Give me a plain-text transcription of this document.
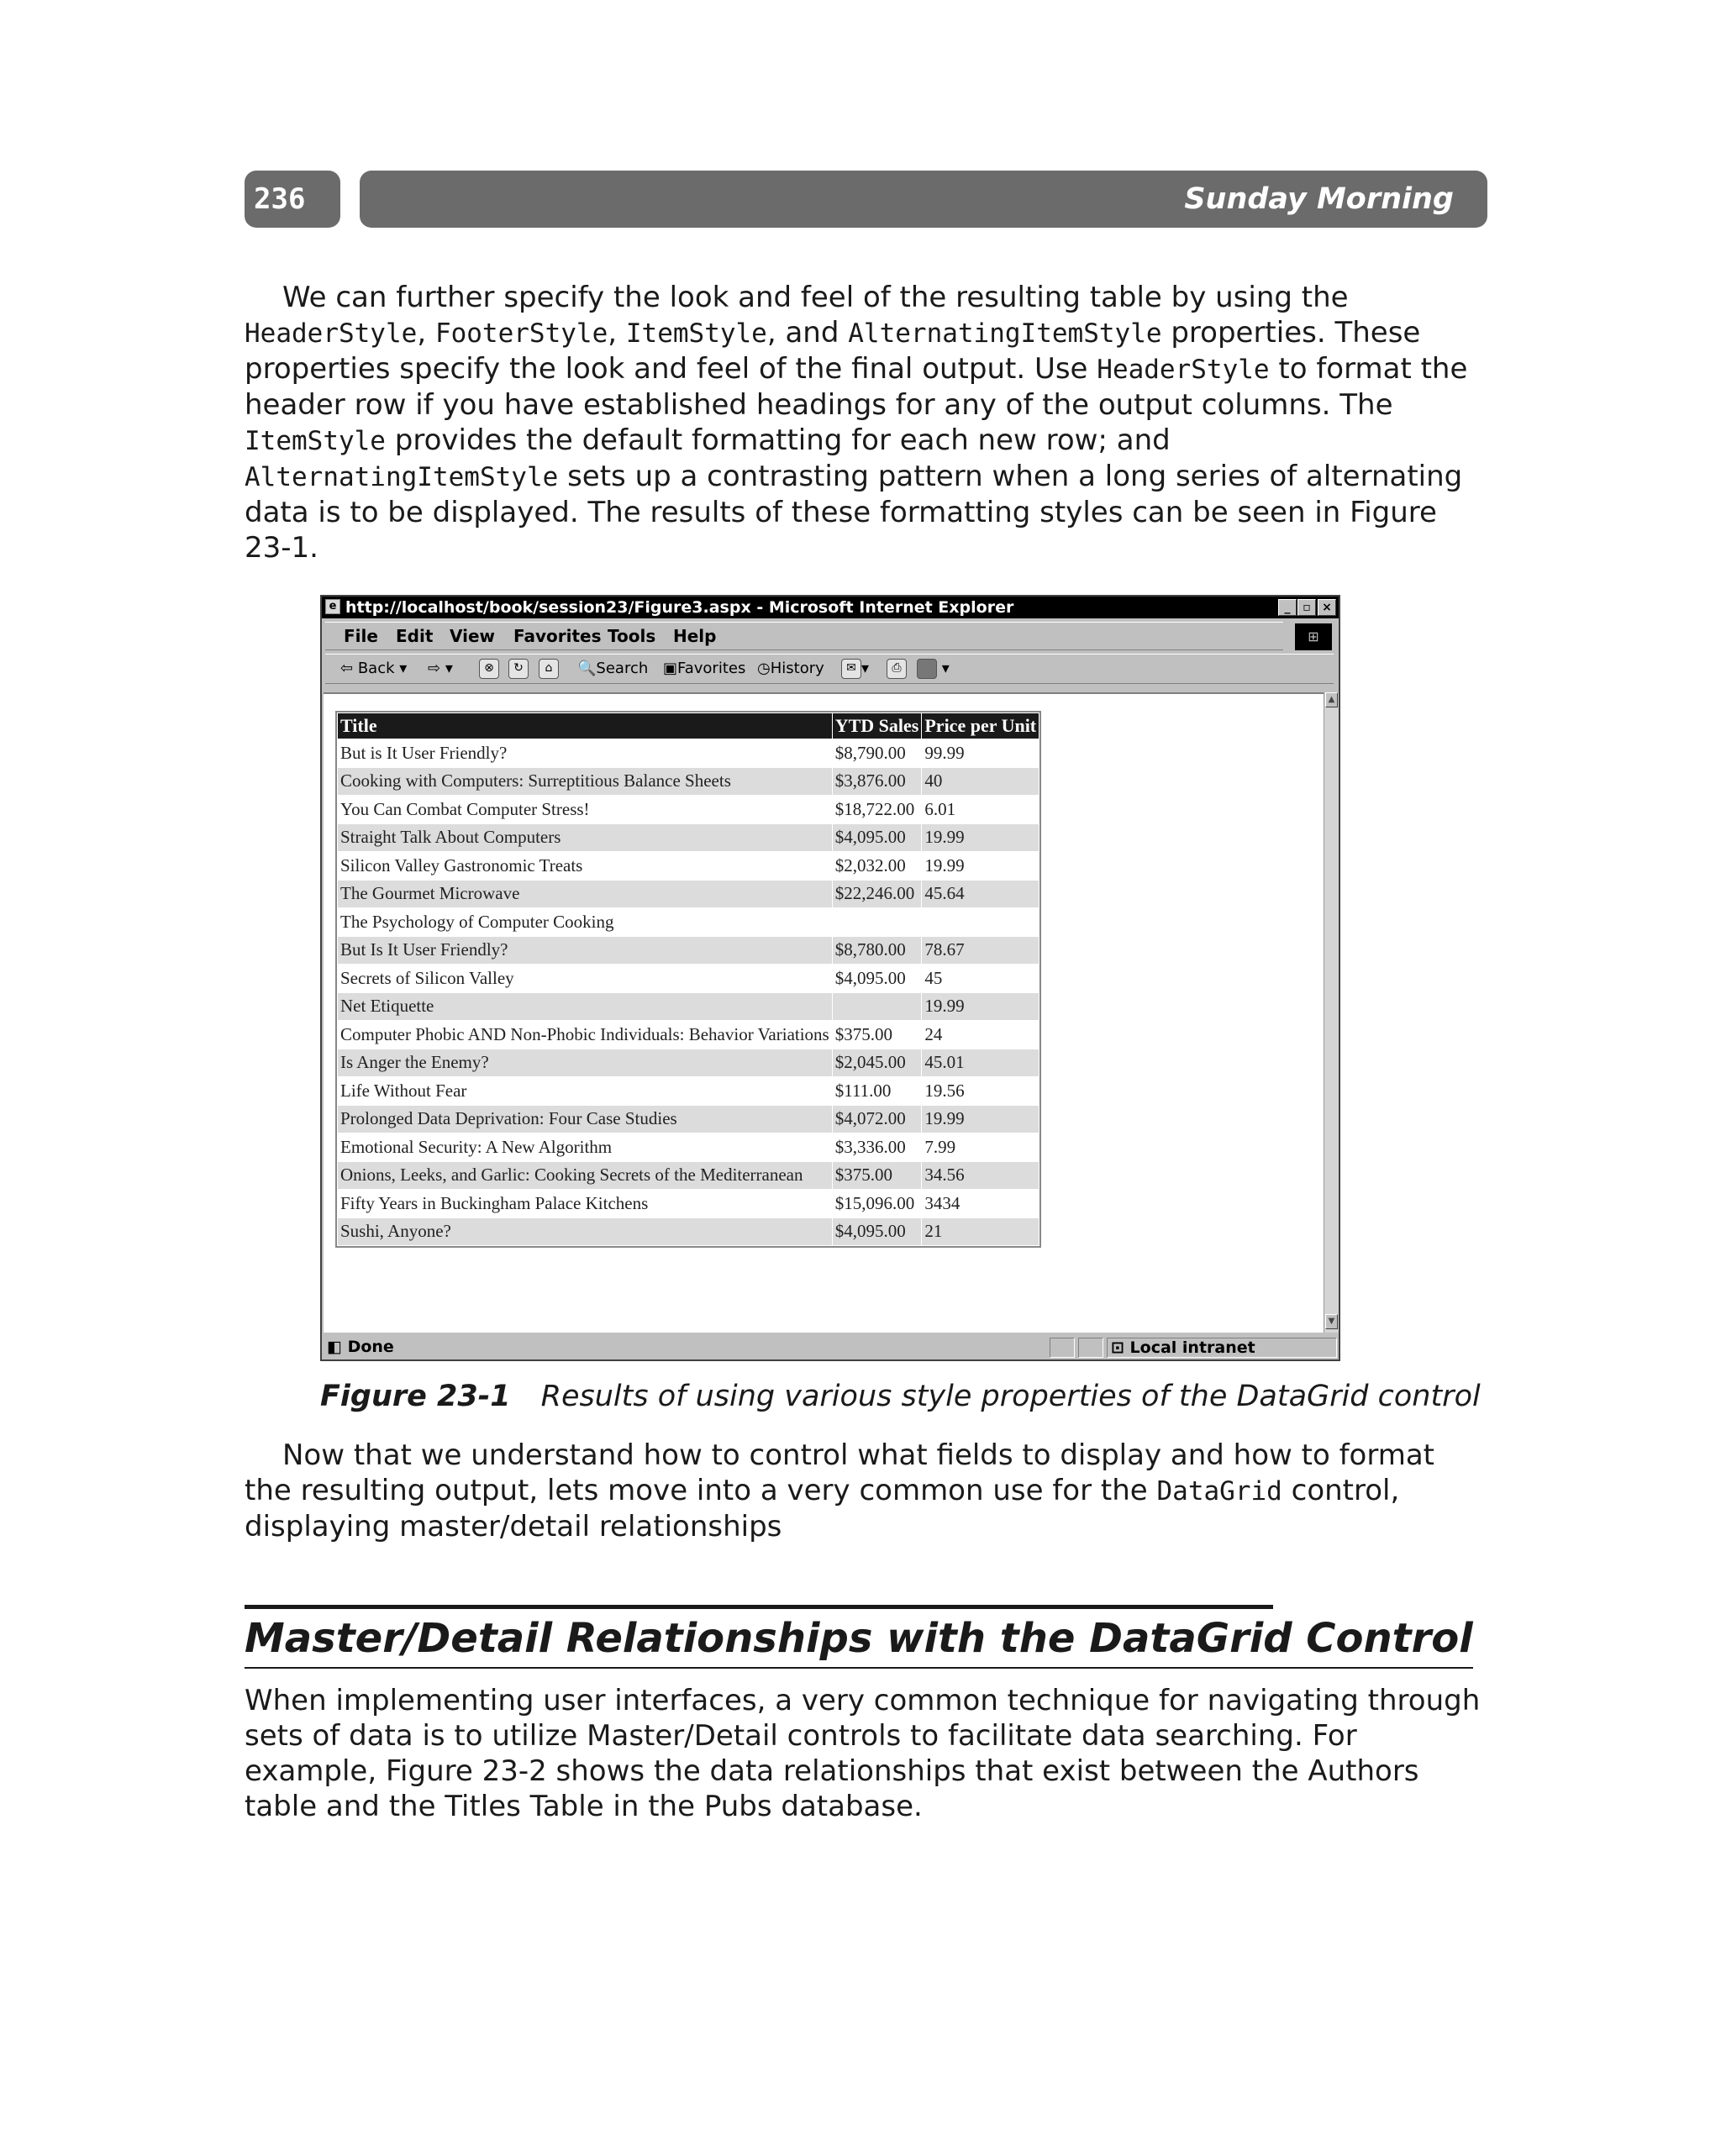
236	Sunday Morning

We can further specify the look and feel of the resulting table by using the HeaderStyle, FooterStyle, ItemStyle, and AlternatingItemStyle properties. These properties specify the look and feel of the final output. Use HeaderStyle to format the header row if you have established headings for any of the output columns. The ItemStyle provides the default formatting for each new row; and AlternatingItemStyle sets up a contrasting pattern when a long series of alternating data is to be displayed. The results of these formatting styles can be seen in Figure 23-1.

e http://localhost/book/session23/Figure3.aspx - Microsoft Internet Explorer	_	▫ ×
File Edit View Favorites Tools Help	⊞
⇦ Back ▾ ⇨ ▾	⊗	↻	⌂	🔍Search ▣Favorites ◷History	✉ ▾	⎙	▾
Title	YTD Sales	Price per Unit
But is It User Friendly?	$8,790.00	99.99
Cooking with Computers: Surreptitious Balance Sheets	$3,876.00	40
You Can Combat Computer Stress!	$18,722.00	6.01
Straight Talk About Computers	$4,095.00	19.99
Silicon Valley Gastronomic Treats	$2,032.00	19.99
The Gourmet Microwave	$22,246.00	45.64
The Psychology of Computer Cooking		
But Is It User Friendly?	$8,780.00	78.67
Secrets of Silicon Valley	$4,095.00	45
Net Etiquette		19.99
Computer Phobic AND Non-Phobic Individuals: Behavior Variations	$375.00	24
Is Anger the Enemy?	$2,045.00	45.01
Life Without Fear	$111.00	19.56
Prolonged Data Deprivation: Four Case Studies	$4,072.00	19.99
Emotional Security: A New Algorithm	$3,336.00	7.99
Onions, Leeks, and Garlic: Cooking Secrets of the Mediterranean	$375.00	34.56
Fifty Years in Buckingham Palace Kitchens	$15,096.00	3434
Sushi, Anyone?	$4,095.00	21
▲
▼
◧ Done	⊡ Local intranet
Figure 23-1 Results of using various style properties of the DataGrid control

Now that we understand how to control what fields to display and how to format the resulting output, lets move into a very common use for the DataGrid control, displaying master/detail relationships

Master/Detail Relationships with the DataGrid Control

When implementing user interfaces, a very common technique for navigating through sets of data is to utilize Master/Detail controls to facilitate data searching. For example, Figure 23-2 shows the data relationships that exist between the Authors table and the Titles Table in the Pubs database.
